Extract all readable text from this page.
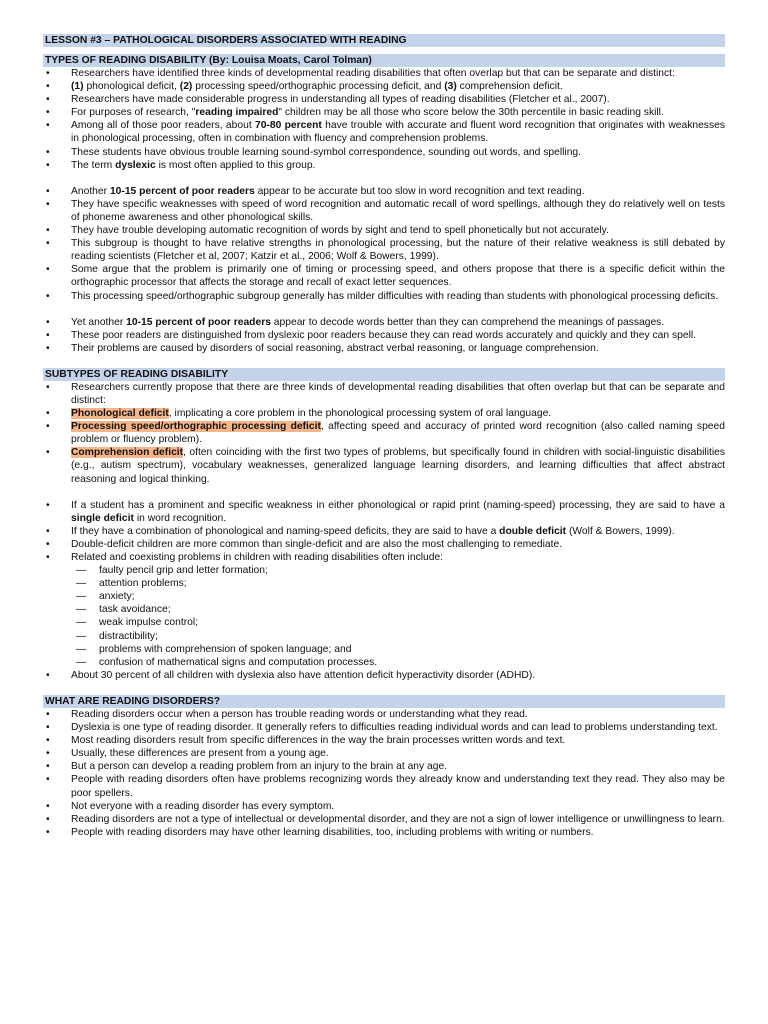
LESSON #3 – PATHOLOGICAL DISORDERS ASSOCIATED WITH READING
TYPES OF READING DISABILITY (By: Louisa Moats, Carol Tolman)
• Researchers have identified three kinds of developmental reading disabilities that often overlap but that can be separate and distinct:
• (1) phonological deficit, (2) processing speed/orthographic processing deficit, and (3) comprehension deficit.
• Researchers have made considerable progress in understanding all types of reading disabilities (Fletcher et al., 2007).
• For purposes of research, "reading impaired" children may be all those who score below the 30th percentile in basic reading skill.
• Among all of those poor readers, about 70-80 percent have trouble with accurate and fluent word recognition that originates with weaknesses in phonological processing, often in combination with fluency and comprehension problems.
• These students have obvious trouble learning sound-symbol correspondence, sounding out words, and spelling.
• The term dyslexic is most often applied to this group.
• Another 10-15 percent of poor readers appear to be accurate but too slow in word recognition and text reading.
• They have specific weaknesses with speed of word recognition and automatic recall of word spellings, although they do relatively well on tests of phoneme awareness and other phonological skills.
• They have trouble developing automatic recognition of words by sight and tend to spell phonetically but not accurately.
• This subgroup is thought to have relative strengths in phonological processing, but the nature of their relative weakness is still debated by reading scientists (Fletcher et al, 2007; Katzir et al., 2006; Wolf & Bowers, 1999).
• Some argue that the problem is primarily one of timing or processing speed, and others propose that there is a specific deficit within the orthographic processor that affects the storage and recall of exact letter sequences.
• This processing speed/orthographic subgroup generally has milder difficulties with reading than students with phonological processing deficits.
• Yet another 10-15 percent of poor readers appear to decode words better than they can comprehend the meanings of passages.
• These poor readers are distinguished from dyslexic poor readers because they can read words accurately and quickly and they can spell.
• Their problems are caused by disorders of social reasoning, abstract verbal reasoning, or language comprehension.
SUBTYPES OF READING DISABILITY
• Researchers currently propose that there are three kinds of developmental reading disabilities that often overlap but that can be separate and distinct:
• Phonological deficit, implicating a core problem in the phonological processing system of oral language.
• Processing speed/orthographic processing deficit, affecting speed and accuracy of printed word recognition (also called naming speed problem or fluency problem).
• Comprehension deficit, often coinciding with the first two types of problems, but specifically found in children with social-linguistic disabilities (e.g., autism spectrum), vocabulary weaknesses, generalized language learning disorders, and learning difficulties that affect abstract reasoning and logical thinking.
• If a student has a prominent and specific weakness in either phonological or rapid print (naming-speed) processing, they are said to have a single deficit in word recognition.
• If they have a combination of phonological and naming-speed deficits, they are said to have a double deficit (Wolf & Bowers, 1999).
• Double-deficit children are more common than single-deficit and are also the most challenging to remediate.
• Related and coexisting problems in children with reading disabilities often include:
— faulty pencil grip and letter formation;
— attention problems;
— anxiety;
— task avoidance;
— weak impulse control;
— distractibility;
— problems with comprehension of spoken language; and
— confusion of mathematical signs and computation processes.
• About 30 percent of all children with dyslexia also have attention deficit hyperactivity disorder (ADHD).
WHAT ARE READING DISORDERS?
• Reading disorders occur when a person has trouble reading words or understanding what they read.
• Dyslexia is one type of reading disorder. It generally refers to difficulties reading individual words and can lead to problems understanding text.
• Most reading disorders result from specific differences in the way the brain processes written words and text.
• Usually, these differences are present from a young age.
• But a person can develop a reading problem from an injury to the brain at any age.
• People with reading disorders often have problems recognizing words they already know and understanding text they read. They also may be poor spellers.
• Not everyone with a reading disorder has every symptom.
• Reading disorders are not a type of intellectual or developmental disorder, and they are not a sign of lower intelligence or unwillingness to learn.
• People with reading disorders may have other learning disabilities, too, including problems with writing or numbers.
